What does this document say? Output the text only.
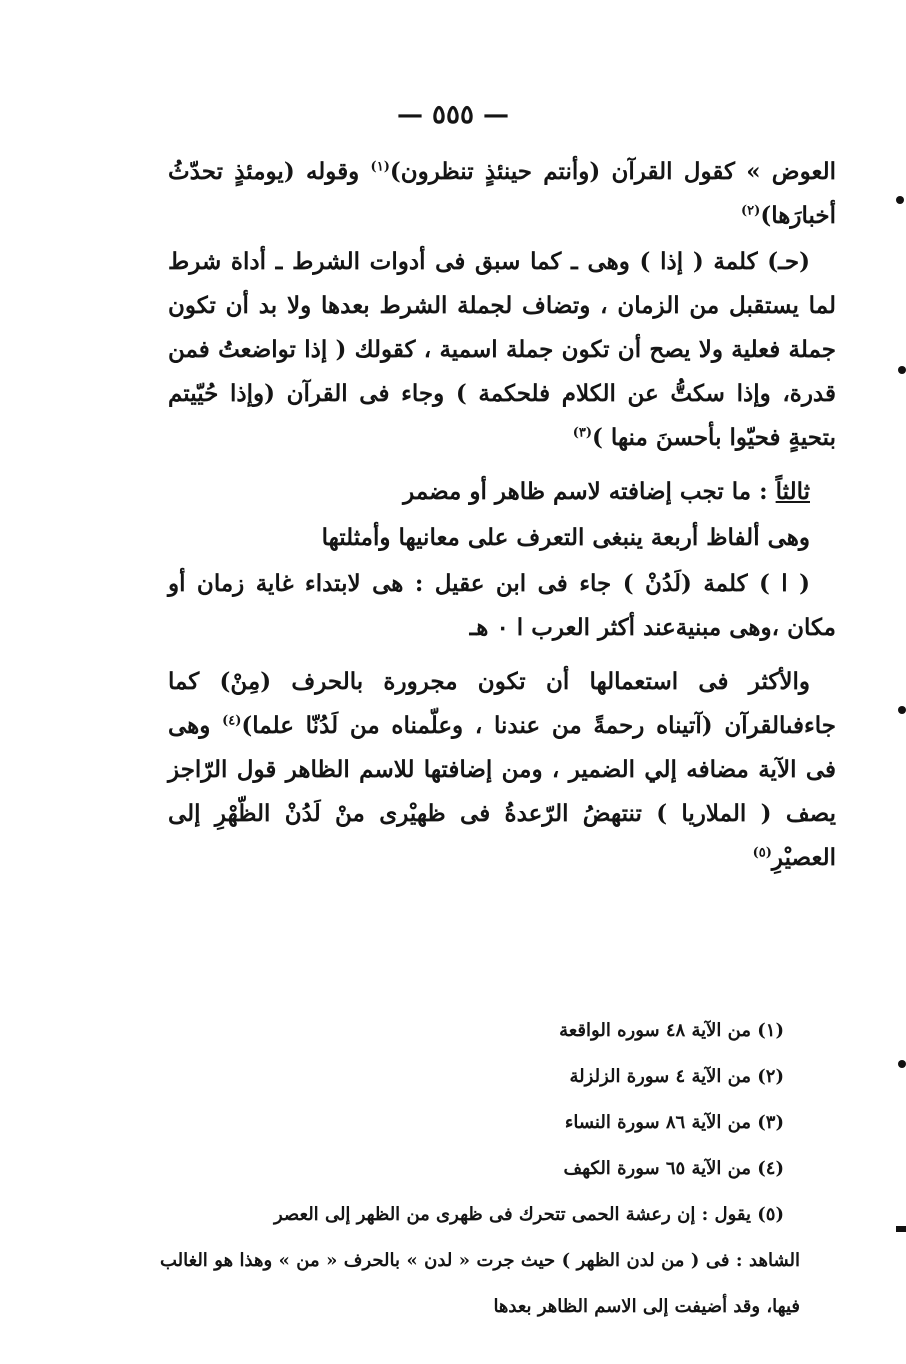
— ٥٥٥ —

العوض » كقول القرآن (وأنتم حينئذٍ تنظرون)$^{(١)}$ وقوله (يومئذٍ تحدّثُ أخبارَها)$^{(٢)}$

(حـ) كلمة ( إذا ) وهى ـ كما سبق فى أدوات الشرط ـ أداة شرط لما يستقبل من الزمان ، وتضاف لجملة الشرط بعدها ولا بد أن تكون جملة فعلية ولا يصح أن تكون جملة اسمية ، كقولك ( إذا تواضعتُ فمن قدرة، وإذا سكتُّ عن الكلام فلحكمة ) وجاء فى القرآن (وإذا حُيّيتم بتحيةٍ فحيّوا بأحسنَ منها )$^{(٣)}$

ثالثاً : ما تجب إضافته لاسم ظاهر أو مضمر

وهى ألفاظ أربعة ينبغى التعرف على معانيها وأمثلتها

( ا ) كلمة (لَدُنْ ) جاء فى ابن عقيل : هى لابتداء غاية زمان أو مكان ،وهى مبنيةعند أكثر العرب ا ٠ هـ

والأكثر فى استعمالها أن تكون مجرورة بالحرف (مِنْ) كما جاءفىالقرآن (آتيناه رحمةً من عندنا ، وعلّمناه من لَدُنّا علما)$^{(٤)}$ وهى فى الآية مضافه إلي الضمير ، ومن إضافتها للاسم الظاهر قول الرّاجز يصف ( الملاريا ) تنتهضُ الرّعدةُ فى ظهيْرى منْ لَدُنْ الظّهْرِ إلى العصيْرِ$^{(٥)}$

(١) من الآية ٤٨ سوره الواقعة
(٢) من الآية ٤ سورة الزلزلة
(٣) من الآية ٨٦ سورة النساء
(٤) من الآية ٦٥ سورة الكهف
(٥) يقول : إن رعشة الحمى تتحرك فى ظهرى من الظهر إلى العصر
الشاهد : فى ( من لدن الظهر ) حيث جرت « لدن » بالحرف « من » وهذا هو الغالب فيها، وقد أضيفت إلى الاسم الظاهر بعدها
